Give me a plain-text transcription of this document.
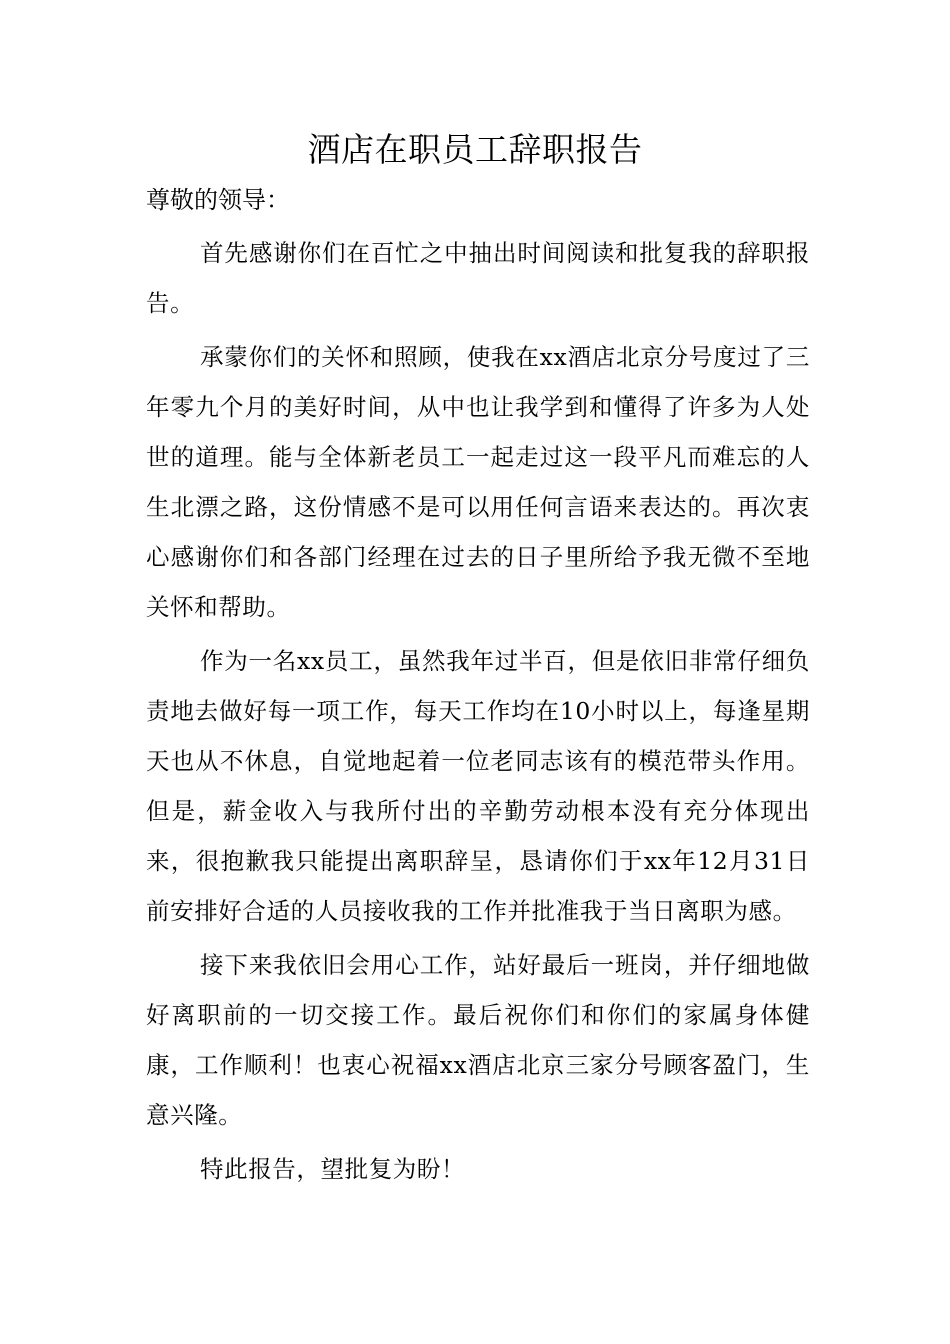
酒店在职员工辞职报告

尊敬的领导：

首先感谢你们在百忙之中抽出时间阅读和批复我的辞职报告。

承蒙你们的关怀和照顾，使我在xx酒店北京分号度过了三年零九个月的美好时间，从中也让我学到和懂得了许多为人处世的道理。能与全体新老员工一起走过这一段平凡而难忘的人生北漂之路，这份情感不是可以用任何言语来表达的。再次衷心感谢你们和各部门经理在过去的日子里所给予我无微不至地关怀和帮助。

作为一名xx员工，虽然我年过半百，但是依旧非常仔细负责地去做好每一项工作，每天工作均在10小时以上，每逢星期天也从不休息，自觉地起着一位老同志该有的模范带头作用。但是，薪金收入与我所付出的辛勤劳动根本没有充分体现出来，很抱歉我只能提出离职辞呈，恳请你们于xx年12月31日前安排好合适的人员接收我的工作并批准我于当日离职为感。

接下来我依旧会用心工作，站好最后一班岗，并仔细地做好离职前的一切交接工作。最后祝你们和你们的家属身体健康，工作顺利！也衷心祝福xx酒店北京三家分号顾客盈门，生意兴隆。

特此报告，望批复为盼！
